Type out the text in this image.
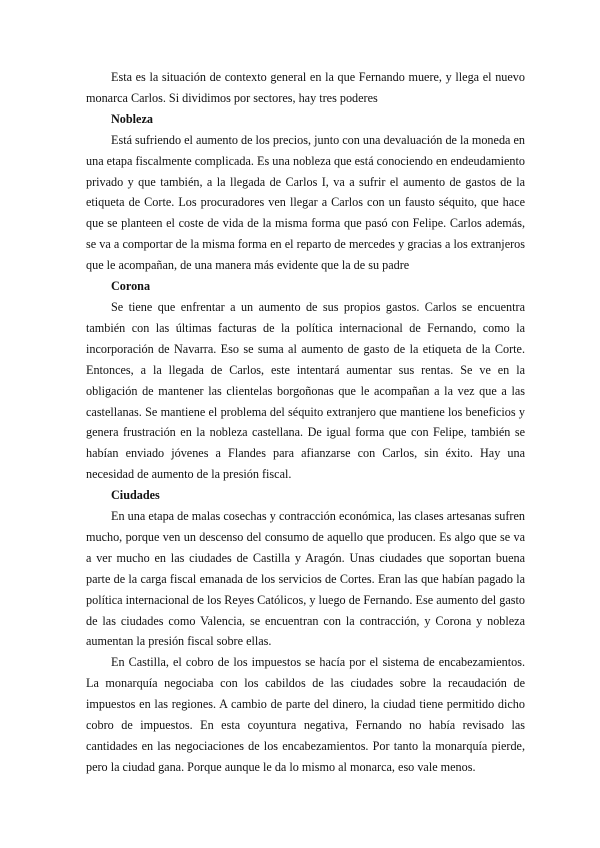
Esta es la situación de contexto general en la que Fernando muere, y llega el nuevo monarca Carlos. Si dividimos por sectores, hay tres poderes

Nobleza

Está sufriendo el aumento de los precios, junto con una devaluación de la moneda en una etapa fiscalmente complicada. Es una nobleza que está conociendo en endeudamiento privado y que también, a la llegada de Carlos I, va a sufrir el aumento de gastos de la etiqueta de Corte. Los procuradores ven llegar a Carlos con un fausto séquito, que hace que se planteen el coste de vida de la misma forma que pasó con Felipe. Carlos además, se va a comportar de la misma forma en el reparto de mercedes y gracias a los extranjeros que le acompañan, de una manera más evidente que la de su padre

Corona

Se tiene que enfrentar a un aumento de sus propios gastos. Carlos se encuentra también con las últimas facturas de la política internacional de Fernando, como la incorporación de Navarra. Eso se suma al aumento de gasto de la etiqueta de la Corte. Entonces, a la llegada de Carlos, este intentará aumentar sus rentas. Se ve en la obligación de mantener las clientelas borgoñonas que le acompañan a la vez que a las castellanas. Se mantiene el problema del séquito extranjero que mantiene los beneficios y genera frustración en la nobleza castellana. De igual forma que con Felipe, también se habían enviado jóvenes a Flandes para afianzarse con Carlos, sin éxito. Hay una necesidad de aumento de la presión fiscal.

Ciudades

En una etapa de malas cosechas y contracción económica, las clases artesanas sufren mucho, porque ven un descenso del consumo de aquello que producen. Es algo que se va a ver mucho en las ciudades de Castilla y Aragón. Unas ciudades que soportan buena parte de la carga fiscal emanada de los servicios de Cortes. Eran las que habían pagado la política internacional de los Reyes Católicos, y luego de Fernando. Ese aumento del gasto de las ciudades como Valencia, se encuentran con la contracción, y Corona y nobleza aumentan la presión fiscal sobre ellas.

En Castilla, el cobro de los impuestos se hacía por el sistema de encabezamientos. La monarquía negociaba con los cabildos de las ciudades sobre la recaudación de impuestos en las regiones. A cambio de parte del dinero, la ciudad tiene permitido dicho cobro de impuestos. En esta coyuntura negativa, Fernando no había revisado las cantidades en las negociaciones de los encabezamientos. Por tanto la monarquía pierde, pero la ciudad gana. Porque aunque le da lo mismo al monarca, eso vale menos.
